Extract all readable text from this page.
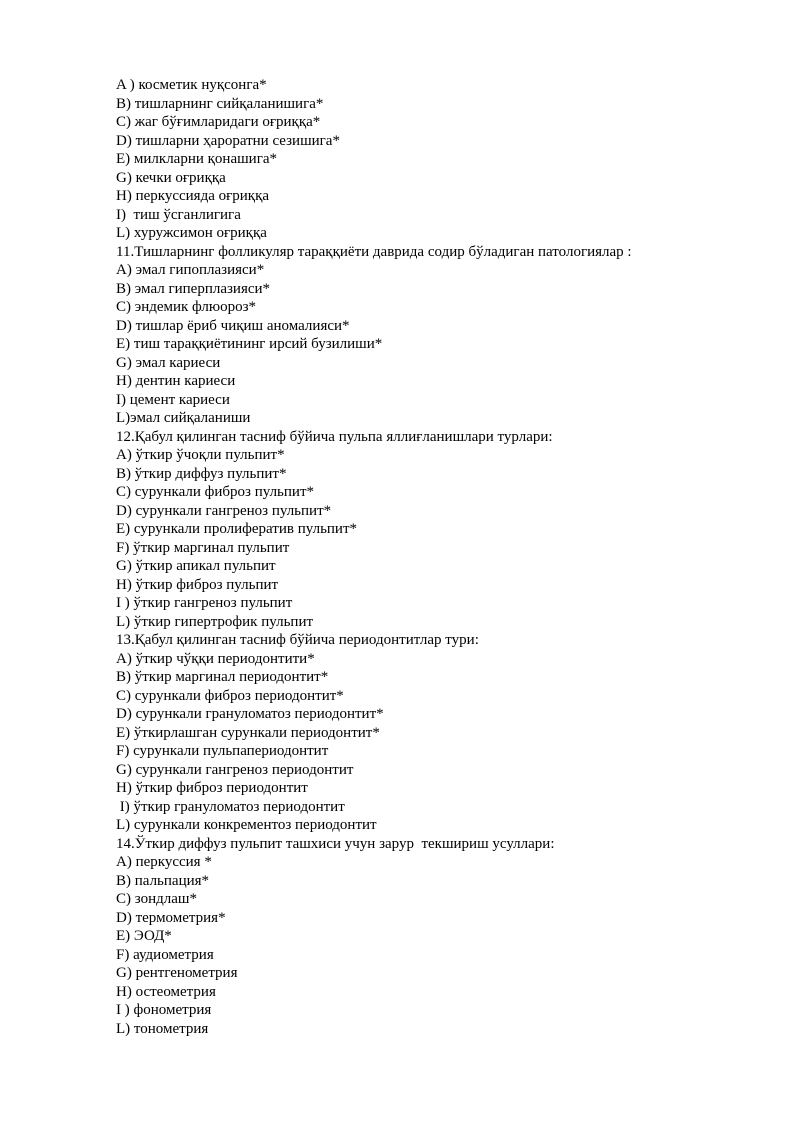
A ) косметик нуқсонга*
B) тишларнинг сийқаланишига*
C) жаг бўғимларидаги оғриққа*
D) тишларни ҳароратни сезишига*
E) милкларни қонашига*
G) кечки оғриққа
H) перкуссияда оғриққа
I)  тиш ўсганлигига
L) хуружсимон оғриққа
11.Тишларнинг фолликуляр тараққиёти даврида содир бўладиган патологиялар :
A) эмал гипоплазияси*
B) эмал гиперплазияси*
C) эндемик флюороз*
D) тишлар ёриб чиқиш аномалияси*
E) тиш тараққиётининг ирсий бузилиши*
G) эмал кариеси
H) дентин кариеси
I) цемент кариеси
L)эмал сийқаланиши
12.Қабул қилинган тасниф бўйича пульпа яллиғланишлари турлари:
A) ўткир ўчоқли пульпит*
B) ўткир диффуз пульпит*
C) сурункали фиброз пульпит*
D) сурункали гангреноз пульпит*
E) сурункали пролифератив пульпит*
F) ўткир маргинал пульпит
G) ўткир апикал пульпит
H) ўткир фиброз пульпит
I ) ўткир гангреноз пульпит
L) ўткир гипертрофик пульпит
13.Қабул қилинган тасниф бўйича периодонтитлар тури:
A) ўткир чўққи периодонтити*
B) ўткир маргинал периодонтит*
C) сурункали фиброз периодонтит*
D) сурункали грануломатоз периодонтит*
E) ўткирлашган сурункали периодонтит*
F) сурункали пульпапериодонтит
G) сурункали гангреноз периодонтит
H) ўткир фиброз периодонтит
I) ўткир грануломатоз периодонтит
L) сурункали конкрементоз периодонтит
14.Ўткир диффуз пульпит ташхиси учун зарур  текшириш усуллари:
A) перкуссия *
B) пальпация*
C) зондлаш*
D) термометрия*
E) ЭОД*
F) аудиометрия
G) рентгенометрия
H) остеометрия
I ) фонометрия
L) тонометрия
